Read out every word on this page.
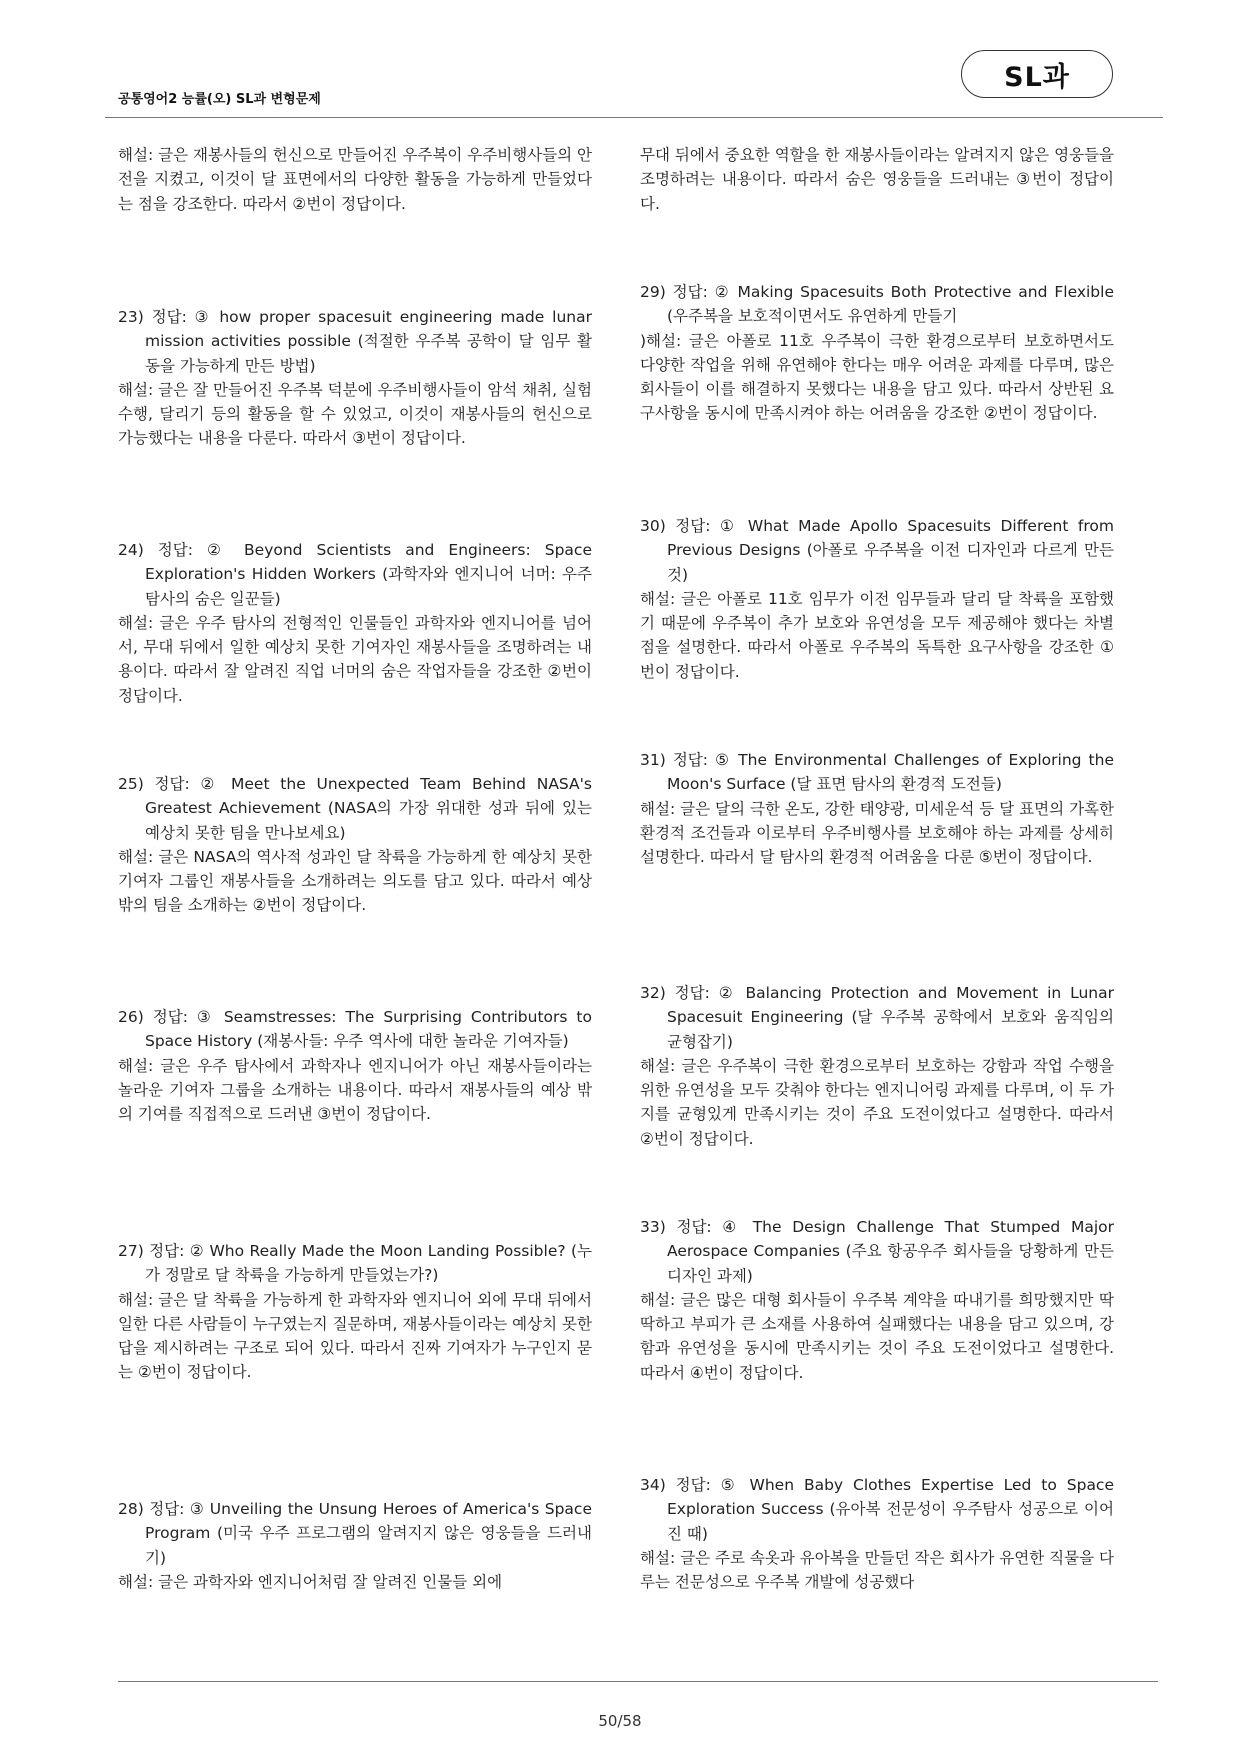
공통영어2 능률(오) SL과 변형문제
SL과

해설: 글은 재봉사들의 헌신으로 만들어진 우주복이 우주비행사들의 안전을 지켰고, 이것이 달 표면에서의 다양한 활동을 가능하게 만들었다는 점을 강조한다. 따라서 ②번이 정답이다.

23) 정답: ③ how proper spacesuit engineering made lunar mission activities possible (적절한 우주복 공학이 달 임무 활동을 가능하게 만든 방법)

해설: 글은 잘 만들어진 우주복 덕분에 우주비행사들이 암석 채취, 실험 수행, 달리기 등의 활동을 할 수 있었고, 이것이 재봉사들의 헌신으로 가능했다는 내용을 다룬다. 따라서 ③번이 정답이다.

24) 정답: ② Beyond Scientists and Engineers: Space Exploration's Hidden Workers (과학자와 엔지니어 너머: 우주 탐사의 숨은 일꾼들)

해설: 글은 우주 탐사의 전형적인 인물들인 과학자와 엔지니어를 넘어서, 무대 뒤에서 일한 예상치 못한 기여자인 재봉사들을 조명하려는 내용이다. 따라서 잘 알려진 직업 너머의 숨은 작업자들을 강조한 ②번이 정답이다.

25) 정답: ② Meet the Unexpected Team Behind NASA's Greatest Achievement (NASA의 가장 위대한 성과 뒤에 있는 예상치 못한 팀을 만나보세요)

해설: 글은 NASA의 역사적 성과인 달 착륙을 가능하게 한 예상치 못한 기여자 그룹인 재봉사들을 소개하려는 의도를 담고 있다. 따라서 예상 밖의 팀을 소개하는 ②번이 정답이다.

26) 정답: ③ Seamstresses: The Surprising Contributors to Space History (재봉사들: 우주 역사에 대한 놀라운 기여자들)

해설: 글은 우주 탐사에서 과학자나 엔지니어가 아닌 재봉사들이라는 놀라운 기여자 그룹을 소개하는 내용이다. 따라서 재봉사들의 예상 밖의 기여를 직접적으로 드러낸 ③번이 정답이다.

27) 정답: ② Who Really Made the Moon Landing Possible? (누가 정말로 달 착륙을 가능하게 만들었는가?)

해설: 글은 달 착륙을 가능하게 한 과학자와 엔지니어 외에 무대 뒤에서 일한 다른 사람들이 누구였는지 질문하며, 재봉사들이라는 예상치 못한 답을 제시하려는 구조로 되어 있다. 따라서 진짜 기여자가 누구인지 묻는 ②번이 정답이다.

28) 정답: ③ Unveiling the Unsung Heroes of America's Space Program (미국 우주 프로그램의 알려지지 않은 영웅들을 드러내기)

해설: 글은 과학자와 엔지니어처럼 잘 알려진 인물들 외에

무대 뒤에서 중요한 역할을 한 재봉사들이라는 알려지지 않은 영웅들을 조명하려는 내용이다. 따라서 숨은 영웅들을 드러내는 ③번이 정답이다.

29) 정답: ② Making Spacesuits Both Protective and Flexible (우주복을 보호적이면서도 유연하게 만들기

)해설: 글은 아폴로 11호 우주복이 극한 환경으로부터 보호하면서도 다양한 작업을 위해 유연해야 한다는 매우 어려운 과제를 다루며, 많은 회사들이 이를 해결하지 못했다는 내용을 담고 있다. 따라서 상반된 요구사항을 동시에 만족시켜야 하는 어려움을 강조한 ②번이 정답이다.

30) 정답: ① What Made Apollo Spacesuits Different from Previous Designs (아폴로 우주복을 이전 디자인과 다르게 만든 것)

해설: 글은 아폴로 11호 임무가 이전 임무들과 달리 달 착륙을 포함했기 때문에 우주복이 추가 보호와 유연성을 모두 제공해야 했다는 차별점을 설명한다. 따라서 아폴로 우주복의 독특한 요구사항을 강조한 ①번이 정답이다.

31) 정답: ⑤ The Environmental Challenges of Exploring the Moon's Surface (달 표면 탐사의 환경적 도전들)

해설: 글은 달의 극한 온도, 강한 태양광, 미세운석 등 달 표면의 가혹한 환경적 조건들과 이로부터 우주비행사를 보호해야 하는 과제를 상세히 설명한다. 따라서 달 탐사의 환경적 어려움을 다룬 ⑤번이 정답이다.

32) 정답: ② Balancing Protection and Movement in Lunar Spacesuit Engineering (달 우주복 공학에서 보호와 움직임의 균형잡기)

해설: 글은 우주복이 극한 환경으로부터 보호하는 강함과 작업 수행을 위한 유연성을 모두 갖춰야 한다는 엔지니어링 과제를 다루며, 이 두 가지를 균형있게 만족시키는 것이 주요 도전이었다고 설명한다. 따라서 ②번이 정답이다.

33) 정답: ④ The Design Challenge That Stumped Major Aerospace Companies (주요 항공우주 회사들을 당황하게 만든 디자인 과제)

해설: 글은 많은 대형 회사들이 우주복 계약을 따내기를 희망했지만 딱딱하고 부피가 큰 소재를 사용하여 실패했다는 내용을 담고 있으며, 강함과 유연성을 동시에 만족시키는 것이 주요 도전이었다고 설명한다. 따라서 ④번이 정답이다.

34) 정답: ⑤ When Baby Clothes Expertise Led to Space Exploration Success (유아복 전문성이 우주탐사 성공으로 이어진 때)

해설: 글은 주로 속옷과 유아복을 만들던 작은 회사가 유연한 직물을 다루는 전문성으로 우주복 개발에 성공했다

50/58
